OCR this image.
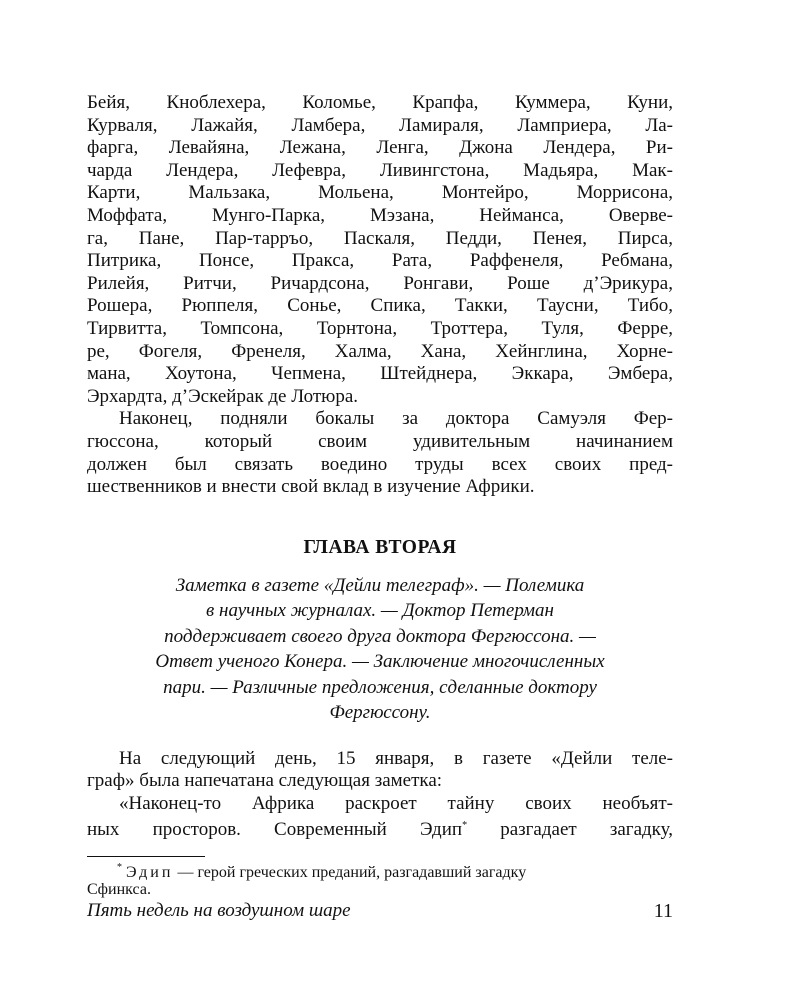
Бейя, Кноблехера, Коломье, Крапфа, Куммера, Куни,
Курваля, Лажайя, Ламбера, Ламираля, Ламприера, Ла-
фарга, Левайяна, Лежана, Ленга, Джона Лендера, Ри-
чарда Лендера, Лефевра, Ливингстона, Мадьяра, Мак-
Карти, Мальзака, Мольена, Монтейро, Моррисона,
Моффата, Мунго-Парка, Мэзана, Нейманса, Оверве-
га, Пане, Пар-тарръо, Паскаля, Педди, Пенея, Пирса,
Питрика, Понсе, Пракса, Рата, Раффенеля, Ребмана,
Рилейя, Ритчи, Ричардсона, Ронгави, Роше д’Эрикура,
Рошера, Рюппеля, Сонье, Спика, Такки, Таусни, Тибо,
Тирвитта, Томпсона, Торнтона, Троттера, Туля, Ферре,
ре, Фогеля, Френеля, Халма, Хана, Хейнглина, Хорне-
мана, Хоутона, Чепмена, Штейднера, Эккара, Эмбера,
Эрхардта, д’Эскейрак де Лотюра.
Наконец, подняли бокалы за доктора Самуэля Фер-
гюссона, который своим удивительным начинанием
должен был связать воедино труды всех своих пред-
шественников и внести свой вклад в изучение Африки.
ГЛАВА ВТОРАЯ
Заметка в газете «Дейли телеграф». — Полемика
в научных журналах. — Доктор Петерман
поддерживает своего друга доктора Фергюссона. —
Ответ ученого Конера. — Заключение многочисленных
пари. — Различные предложения, сделанные доктору
Фергюссону.
На следующий день, 15 января, в газете «Дейли теле-
граф» была напечатана следующая заметка:
«Наконец-то Африка раскроет тайну своих необъят-
ных просторов. Современный Эдип* разгадает загадку,
* Эдип — герой греческих преданий, разгадавший загадку
Сфинкса.
Пять недель на воздушном шаре	11
